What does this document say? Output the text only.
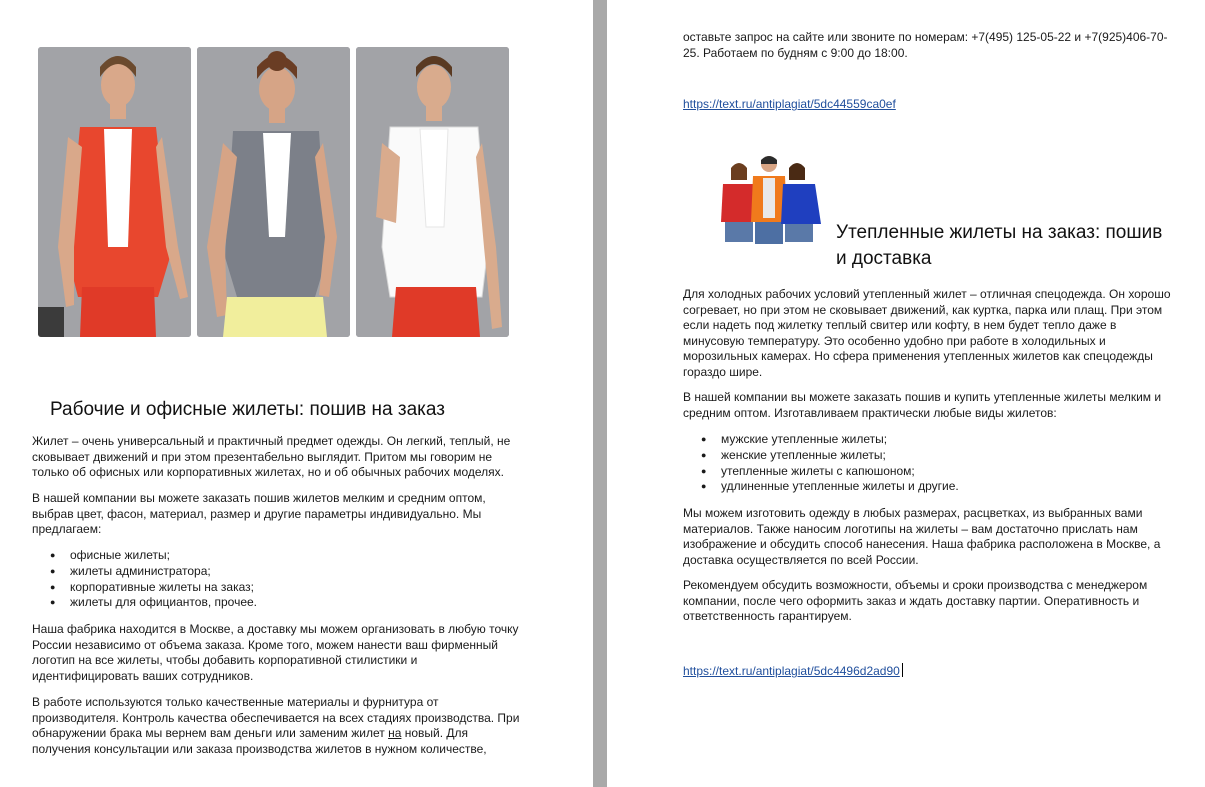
Рабочие и офисные жилеты: пошив на заказ

Жилет – очень универсальный и практичный предмет одежды. Он легкий, теплый, не сковывает движений и при этом презентабельно выглядит. Притом мы говорим не только об офисных или корпоративных жилетах, но и об обычных рабочих моделях.

В нашей компании вы можете заказать пошив жилетов мелким и средним оптом, выбрав цвет, фасон, материал, размер и другие параметры индивидуально. Мы предлагаем:

● офисные жилеты;
● жилеты администратора;
● корпоративные жилеты на заказ;
● жилеты для официантов, прочее.

Наша фабрика находится в Москве, а доставку мы можем организовать в любую точку России независимо от объема заказа. Кроме того, можем нанести ваш фирменный логотип на все жилеты, чтобы добавить корпоративной стилистики и идентифицировать ваших сотрудников.

В работе используются только качественные материалы и фурнитура от производителя. Контроль качества обеспечивается на всех стадиях производства. При обнаружении брака мы вернем вам деньги или заменим жилет на новый. Для получения консультации или заказа производства жилетов в нужном количестве,

оставьте запрос на сайте или звоните по номерам: +7(495) 125-05-22 и +7(925)406-70-25. Работаем по будням с 9:00 до 18:00.

https://text.ru/antiplagiat/5dc44559ca0ef
Утепленные жилеты на заказ: пошив и доставка

Для холодных рабочих условий утепленный жилет – отличная спецодежда. Он хорошо согревает, но при этом не сковывает движений, как куртка, парка или плащ. При этом если надеть под жилетку теплый свитер или кофту, в нем будет тепло даже в минусовую температуру. Это особенно удобно при работе в холодильных и морозильных камерах. Но сфера применения утепленных жилетов как спецодежды гораздо шире.

В нашей компании вы можете заказать пошив и купить утепленные жилеты мелким и средним оптом. Изготавливаем практически любые виды жилетов:

● мужские утепленные жилеты;
● женские утепленные жилеты;
● утепленные жилеты с капюшоном;
● удлиненные утепленные жилеты и другие.

Мы можем изготовить одежду в любых размерах, расцветках, из выбранных вами материалов. Также наносим логотипы на жилеты – вам достаточно прислать нам изображение и обсудить способ нанесения. Наша фабрика расположена в Москве, а доставка осуществляется по всей России.

Рекомендуем обсудить возможности, объемы и сроки производства с менеджером компании, после чего оформить заказ и ждать доставку партии. Оперативность и ответственность гарантируем.

https://text.ru/antiplagiat/5dc4496d2ad90
